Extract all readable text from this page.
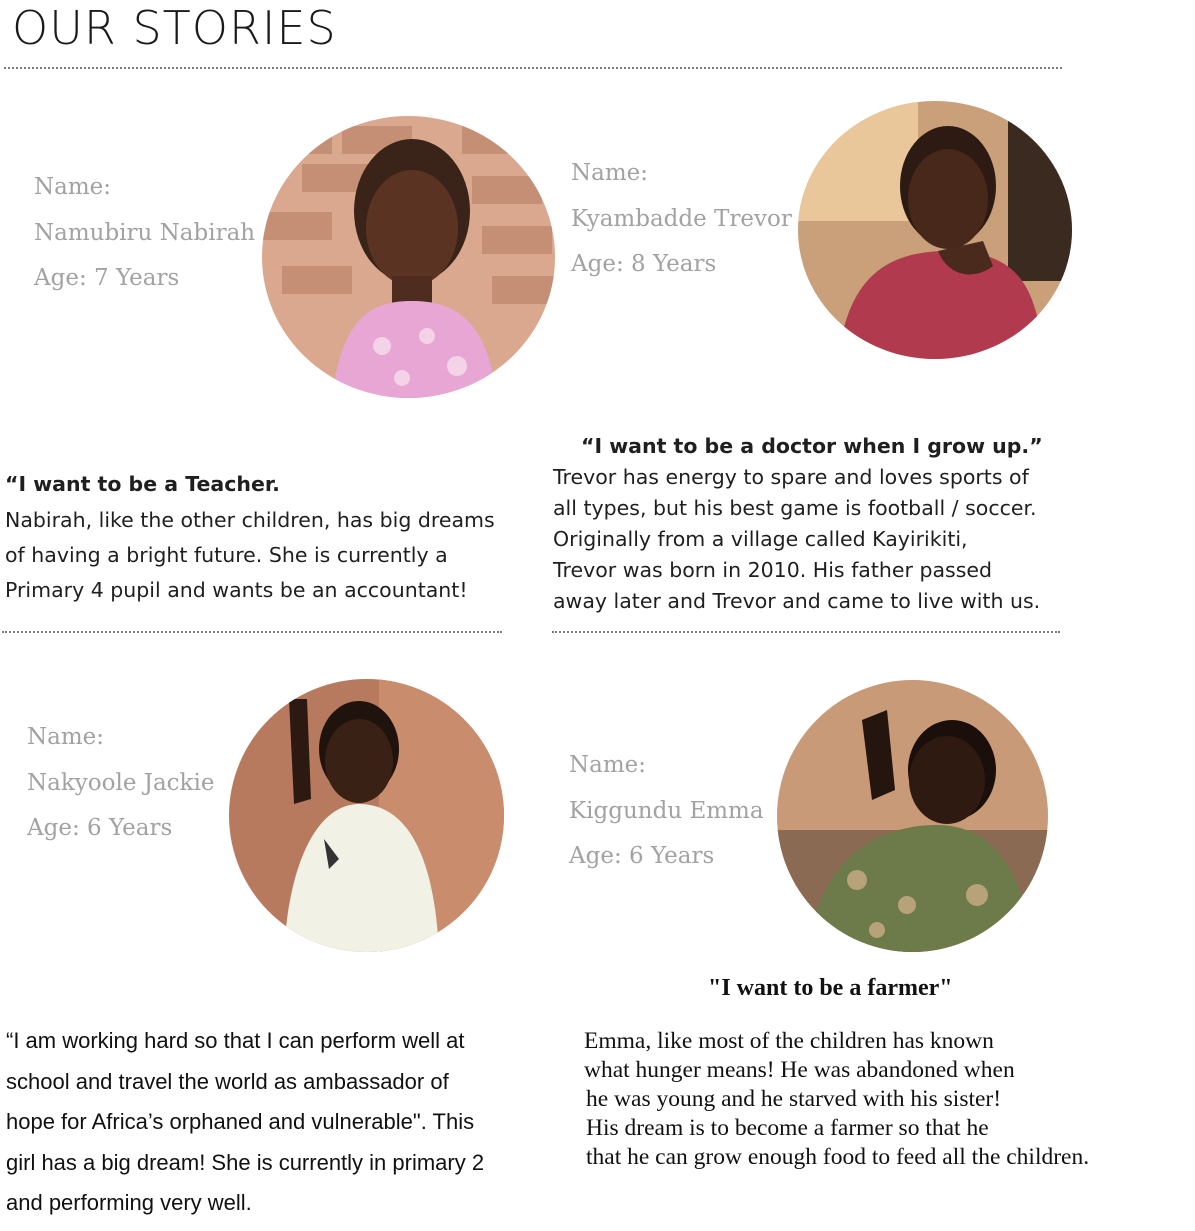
OUR STORIES
Name:
Namubiru Nabirah
Age: 7 Years
“I want to be a Teacher.
Nabirah, like the other children, has big dreams
of having a bright future. She is currently a
Primary 4 pupil and wants be an accountant!
Name:
Kyambadde Trevor
Age: 8 Years
“I want to be a doctor when I grow up.”
Trevor has energy to spare and loves sports of
all types, but his best game is football / soccer.
Originally from a village called Kayirikiti,
Trevor was born in 2010. His father passed
away later and Trevor and came to live with us.
Name:
Nakyoole Jackie
Age: 6 Years
“I am working hard so that I can perform well at
school and travel the world as ambassador of
hope for Africa’s orphaned and vulnerable". This
girl has a big dream! She is currently in primary 2
and performing very well.
Name:
Kiggundu Emma
Age: 6 Years
"I want to be a farmer"
Emma, like most of the children has known
what hunger means! He was abandoned when
he was young and he starved with his sister!
His dream is to become a farmer so that he
that he can grow enough food to feed all the children.
